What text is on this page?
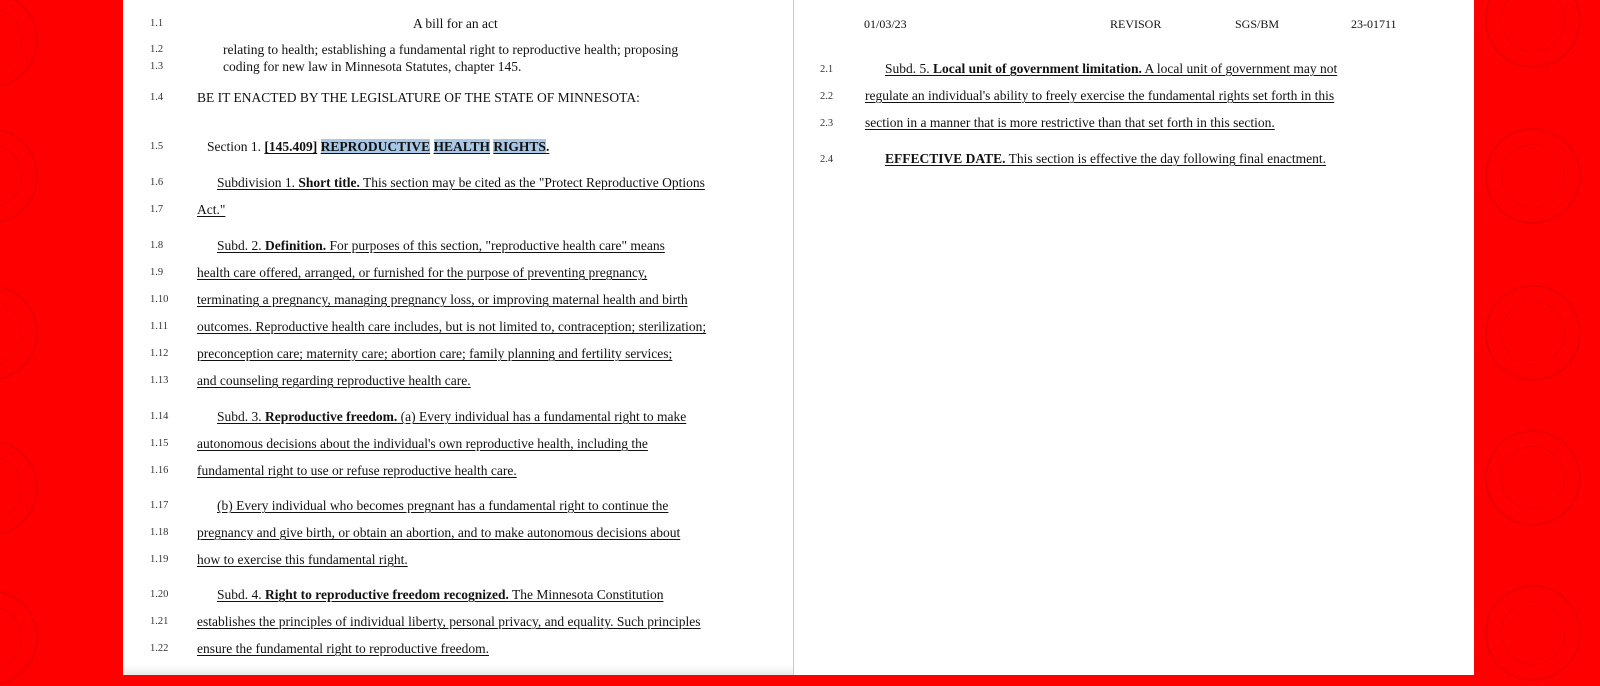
1.1	A bill for an act
1.2	relating to health; establishing a fundamental right to reproductive health; proposing
1.3	coding for new law in Minnesota Statutes, chapter 145.
1.4	BE IT ENACTED BY THE LEGISLATURE OF THE STATE OF MINNESOTA:
1.5	Section 1. [145.409] REPRODUCTIVE HEALTH RIGHTS.
1.6	Subdivision 1. Short title. This section may be cited as the "Protect Reproductive Options
1.7	Act."
1.8	Subd. 2. Definition. For purposes of this section, "reproductive health care" means
1.9	health care offered, arranged, or furnished for the purpose of preventing pregnancy,
1.10 terminating a pregnancy, managing pregnancy loss, or improving maternal health and birth
1.11 outcomes. Reproductive health care includes, but is not limited to, contraception; sterilization;
1.12 preconception care; maternity care; abortion care; family planning and fertility services;
1.13 and counseling regarding reproductive health care.
1.14	Subd. 3. Reproductive freedom. (a) Every individual has a fundamental right to make
1.15 autonomous decisions about the individual's own reproductive health, including the
1.16 fundamental right to use or refuse reproductive health care.
1.17	(b) Every individual who becomes pregnant has a fundamental right to continue the
1.18 pregnancy and give birth, or obtain an abortion, and to make autonomous decisions about
1.19 how to exercise this fundamental right.
1.20	Subd. 4. Right to reproductive freedom recognized. The Minnesota Constitution
1.21 establishes the principles of individual liberty, personal privacy, and equality. Such principles
1.22 ensure the fundamental right to reproductive freedom.
01/03/23	REVISOR	SGS/BM	23-01711
2.1	Subd. 5. Local unit of government limitation. A local unit of government may not
2.2 regulate an individual's ability to freely exercise the fundamental rights set forth in this
2.3 section in a manner that is more restrictive than that set forth in this section.
2.4	EFFECTIVE DATE. This section is effective the day following final enactment.
